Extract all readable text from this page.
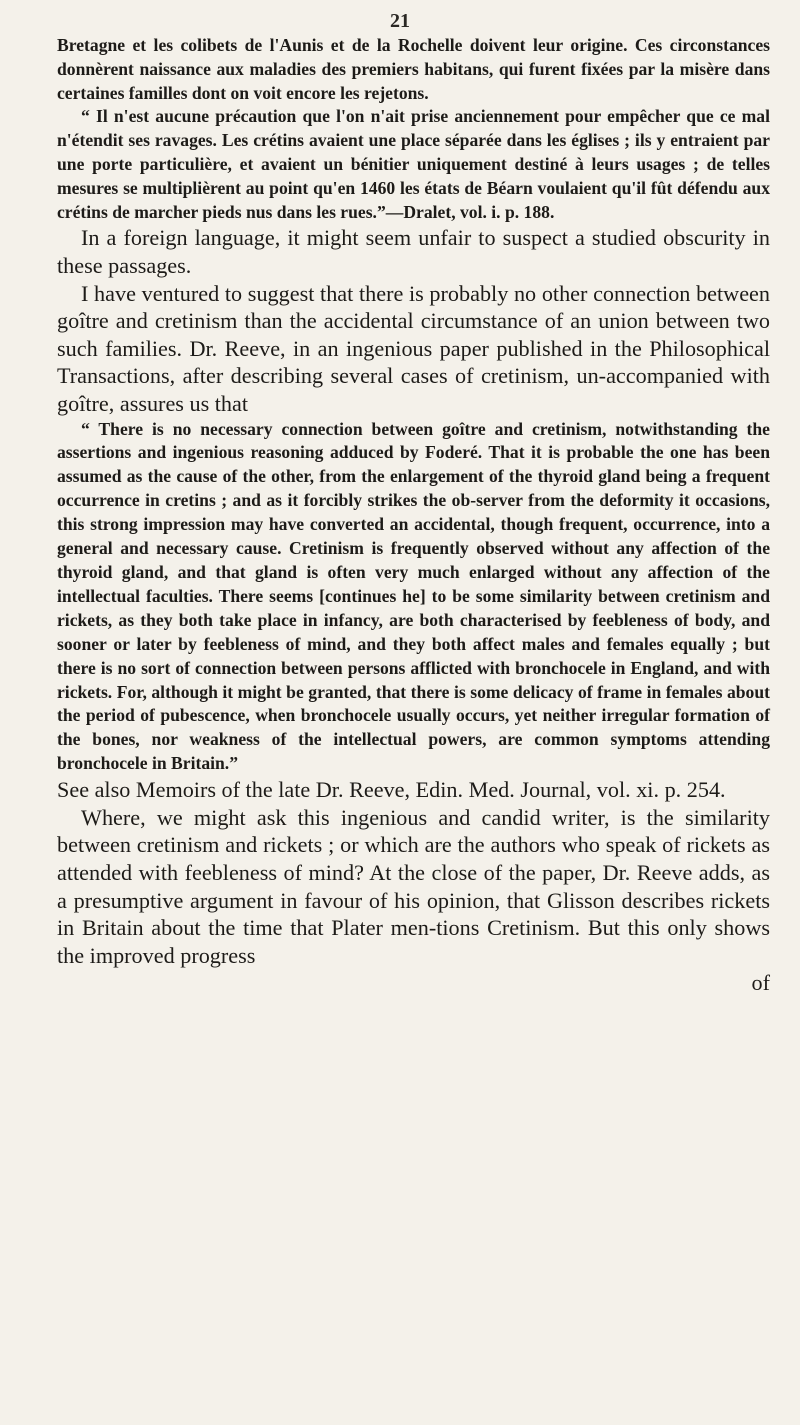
21

Bretagne et les colibets de l'Aunis et de la Rochelle doivent leur origine. Ces circonstances donnèrent naissance aux maladies des premiers habitans, qui furent fixées par la misère dans certaines familles dont on voit encore les rejetons.

“ Il n'est aucune précaution que l'on n'ait prise anciennement pour empêcher que ce mal n'étendit ses ravages. Les crétins avaient une place séparée dans les églises ; ils y entraient par une porte particulière, et avaient un bénitier uniquement destiné à leurs usages ; de telles mesures se multiplièrent au point qu'en 1460 les états de Béarn voulaient qu'il fût défendu aux crétins de marcher pieds nus dans les rues.”—Dralet, vol. i. p. 188.

In a foreign language, it might seem unfair to suspect a studied obscurity in these passages.

I have ventured to suggest that there is probably no other connection between goître and cretinism than the accidental circumstance of an union between two such families. Dr. Reeve, in an ingenious paper published in the Philosophical Transactions, after describing several cases of cretinism, un-accompanied with goître, assures us that

“ There is no necessary connection between goître and cretinism, notwithstanding the assertions and ingenious reasoning adduced by Foderé. That it is probable the one has been assumed as the cause of the other, from the enlargement of the thyroid gland being a frequent occurrence in cretins ; and as it forcibly strikes the ob-server from the deformity it occasions, this strong impression may have converted an accidental, though frequent, occurrence, into a general and necessary cause. Cretinism is frequently observed without any affection of the thyroid gland, and that gland is often very much enlarged without any affection of the intellectual faculties. There seems [continues he] to be some similarity between cretinism and rickets, as they both take place in infancy, are both characterised by feebleness of body, and sooner or later by feebleness of mind, and they both affect males and females equally ; but there is no sort of connection between persons afflicted with bronchocele in England, and with rickets. For, although it might be granted, that there is some delicacy of frame in females about the period of pubescence, when bronchocele usually occurs, yet neither irregular formation of the bones, nor weakness of the intellectual powers, are common symptoms attending bronchocele in Britain.”

See also Memoirs of the late Dr. Reeve, Edin. Med. Journal, vol. xi. p. 254.

Where, we might ask this ingenious and candid writer, is the similarity between cretinism and rickets ; or which are the authors who speak of rickets as attended with feebleness of mind? At the close of the paper, Dr. Reeve adds, as a presumptive argument in favour of his opinion, that Glisson describes rickets in Britain about the time that Plater men-tions Cretinism. But this only shows the improved progress

of
